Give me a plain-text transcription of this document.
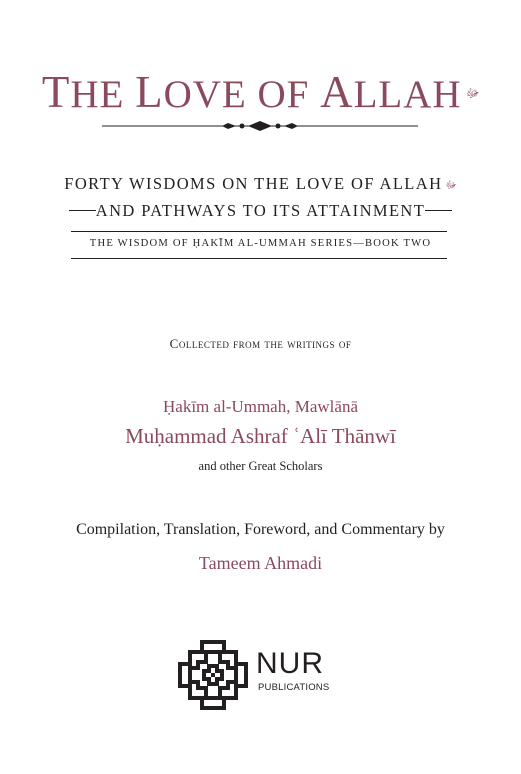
THE LOVE OF ALLAH ﷻ
FORTY WISDOMS ON THE LOVE OF ALLAH ﷻ
AND PATHWAYS TO ITS ATTAINMENT
THE WISDOM OF ḤAKĪM AL-UMMAH SERIES—BOOK TWO
Collected from the writings of
Ḥakīm al-Ummah, Mawlānā
Muḥammad Ashraf ʿAlī Thānwī
and other Great Scholars
Compilation, Translation, Foreword, and Commentary by
Tameem Ahmadi
NUR
PUBLICATIONS
